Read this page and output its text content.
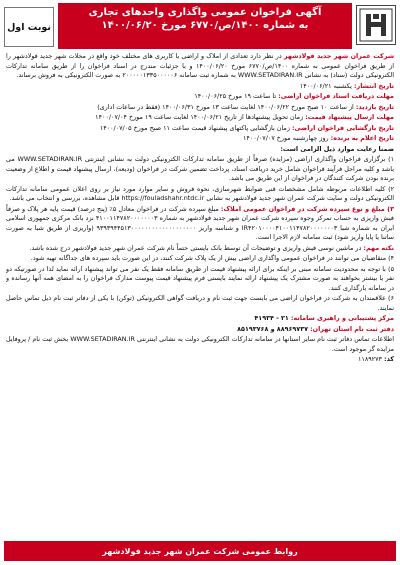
نوبت اول
آگهی فراخوان عمومی واگذاری واحدهای تجاری
به شماره ۱۴۰۰/ص/۶۷۷۰ مورخ ۱۴۰۰/۰۶/۲۰

شرکت عمران شهر جدید فولادشهر در نظر دارد تعدادی از املاک و اراضی با کاربری های مختلف خود واقع در محلات شهر جدید فولادشهر را از طریق فراخوان عمومی به شماره ۱۴۰۰/ص/۶۷۷۰ مورخ ۱۴۰۰/۰۶/۲۰ و با جزئیات مندرج در اسناد فراخوان را از طریق سامانه تدارکات الکترونیکی دولت (ستاد) به نشانی WWW.SETADIRAN.IR به شماره ثبت سامانه ۲۰۰۰۰۰۱۳۳۵۰۰۰۰۰۶ به صورت الکترونیکی به فروش برساند.

تاریخ انتشار: یکشنبه ۱۴۰۰/۰۶/۲۱

مهلت دریافت اسناد فراخوان اراضی: تا ساعت ۱۹ مورخ ۱۴۰۰/۰۶/۲۵

تاریخ بازدید: از ساعت ۱۰ صبح مورخ ۱۴۰۰/۰۶/۲۲ لغایت ساعت ۱۳ مورخ ۱۴۰۰/۰۶/۳۱ (فقط در ساعات اداری)

مهلت ارسال پیشنهاد قیمت: زمان تحویل پیشنهادها از تاریخ ۱۴۰۰/۰۶/۲۱ لغایت ساعت ۱۹ مورخ ۱۴۰۰/۰۷/۰۴

تاریخ بازگشایی فراخوان اراضی: زمان بازگشایی پاکتهای پیشنهاد قیمت ساعت ۱۱ صبح مورخ ۱۴۰۰/۰۷/۰۵

تاریخ اعلام به برنده: روز چهارشنبه مورخ ۱۴۰۰/۰۷/۰۷

ضمنا رعایت موارد ذیل الزامی است:

۱) برگزاری فراخوان واگذاری اراضی (مزایده) صرفاً از طریق سامانه تدارکات الکترونیکی دولت به نشانی اینترنتی WWW.SETADIRAN.IR می باشد و کلیه مراحل فرآیند فراخوان شامل خرید دریافت اسناد، پرداخت تضمین شرکت در فراخوان (ودیعه)، ارسال پیشنهاد قیمت و اطلاع از وضعیت برنده بودن شرکت کنندگان در فراخوان از این طریق می باشد.

۲) کلیه اطلاعات مربوطه شامل مشخصات فنی ضوابط شهرسازی، نحوه فروش و سایر موارد مورد نیاز بر روی اعلان عمومی سامانه تدارکات الکترونیکی دولت و سایت شرکت عمران شهر جدید فولادشهر به نشانی https://fouladshahr.ntdc.ir قابل مشاهده، بررسی و انتخاب می باشد.

۳) مبلغ و نوع سپرده شرکت در فراخوان عمومی املاک: مبلغ سپرده شرکت در فراخوان معادل ۵٪ (پنج درصد) قیمت پایه هر پلاک و صرفاً فیش واریزی به حساب تمرکز وجوه سپرده شرکت عمران شهر جدید فولادشهر به شماره ۴۱۰۰۱۱۴۷۸۲۰۰۰۰۰۰۰۳ نزد بانک مرکزی جمهوری اسلامی ایران به شماره شبا IR۴۲۰۱۰۰۰۰۴۱۰۰۱۱۴۷۸۲۰۰۰۰۰۰۰۳ و شناسه واریز ۹۳۹۳۹۴۴۵۱۳۰۰۰۰۰۰۰۰۰۰۰۰۰۰۰۰۰۰۰ (واریزی از طریق شبا به صورت ساتنا یا پایا واریز شود) ثبت سامانه لازم الاجرا است.

نکته مهم: در ماشین نوسی فیش واریزی و توضیحات آن توسط بانک بایستی حتماً نام شرکت عمران شهر جدید فولادشهر درج شده باشد.

۴) متقاضیان می توانند در فراخوان عمومی واگذاری اراضی بیش از یک پلاک شرکت کنند، در این صورت باید سپرده های جداگانه تهیه شود.

۵) با توجه به محدودیت سامانه مبنی بر اینکه برای ارائه پیشنهاد قیمت از طریق سامانه فقط یک نفر می تواند پیشنهاد ارائه نماید لذا در صورتیکه دو نفر یا بیشتر بخواهند به صورت مشترک یک پیشنهاد ارائه نمایند بایستی فرم پیشنهاد قیمت پیوست مدارک فراخوان را به امضای همه آنها رسانده و در سامانه بارگذاری کنند.

۶) علاقمندان به شرکت در فراخوان اراضی می بایست جهت ثبت نام و دریافت گواهی الکترونیکی (توکن) با یکی از دفاتر ثبت نام ذیل تماس حاصل نمایند.

مرکز پشتیبانی و راهبری سامانه: ۲۱ - ۴۱۹۳۴

دفتر ثبت نام استان تهران: ۸۸۹۶۹۷۳۷ و ۸۵۱۹۳۷۶۸

اطلاعات تماس دفاتر ثبت نام سایر استانها در سامانه تدارکات الکترونیکی دولت به نشانی اینترنتی WWW.SETADIRAN.IR بخش ثبت نام / پروفایل مزایده گر موجود است.

کد: ۱۱۸۹۲۷۳

روابط عمومی شرکت عمران شهر جدید فولادشهر
